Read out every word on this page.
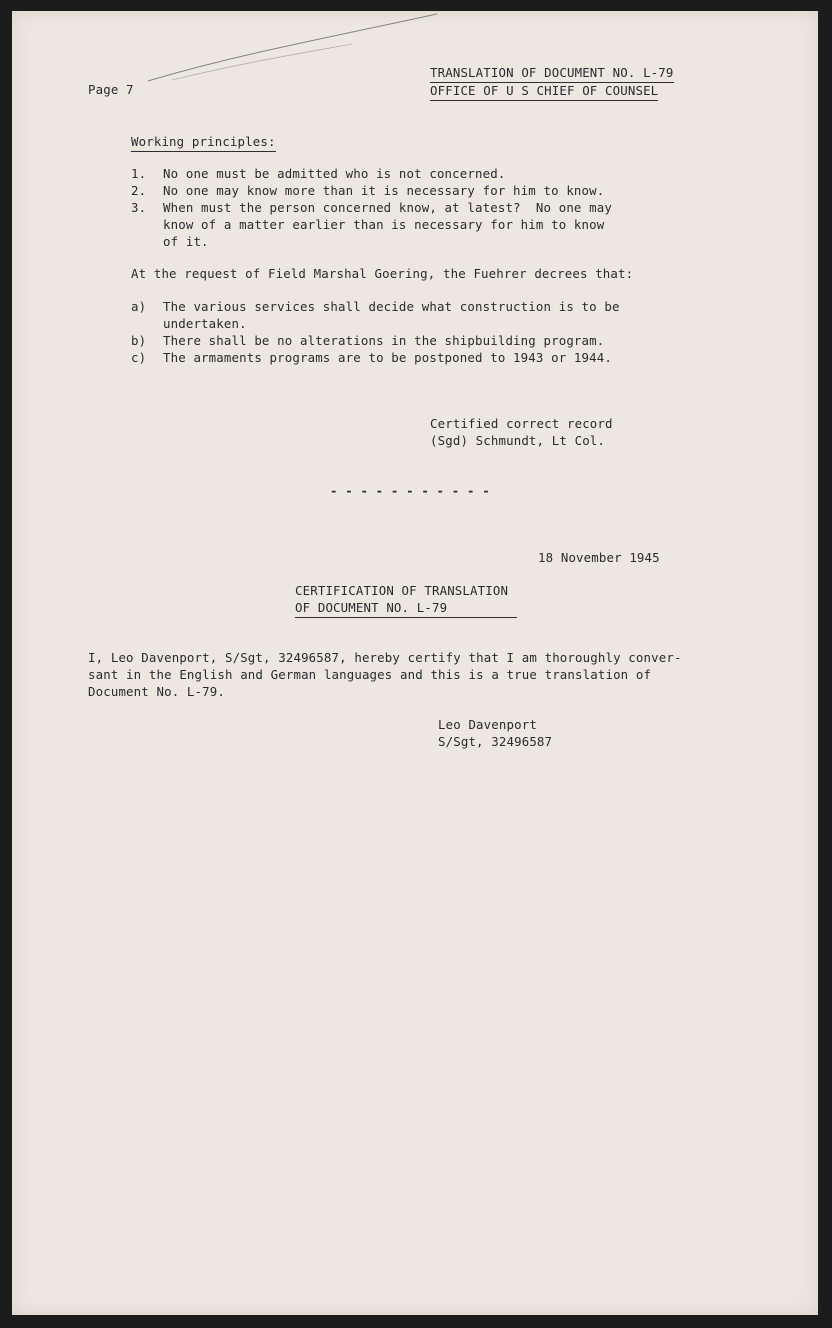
Page 7
TRANSLATION OF DOCUMENT NO. L-79
OFFICE OF U S CHIEF OF COUNSEL
Working principles:
1. No one must be admitted who is not concerned.
2. No one may know more than it is necessary for him to know.
3. When must the person concerned know, at latest?  No one may
know of a matter earlier than is necessary for him to know
of it.
At the request of Field Marshal Goering, the Fuehrer decrees that:
a) The various services shall decide what construction is to be
undertaken.
b) There shall be no alterations in the shipbuilding program.
c) The armaments programs are to be postponed to 1943 or 1944.
Certified correct record
(Sgd) Schmundt, Lt Col.
- - - - - - - - - - -
18 November 1945
CERTIFICATION OF TRANSLATION
OF DOCUMENT NO. L-79
I, Leo Davenport, S/Sgt, 32496587, hereby certify that I am thoroughly conver-
sant in the English and German languages and this is a true translation of
Document No. L-79.
Leo Davenport
S/Sgt, 32496587
